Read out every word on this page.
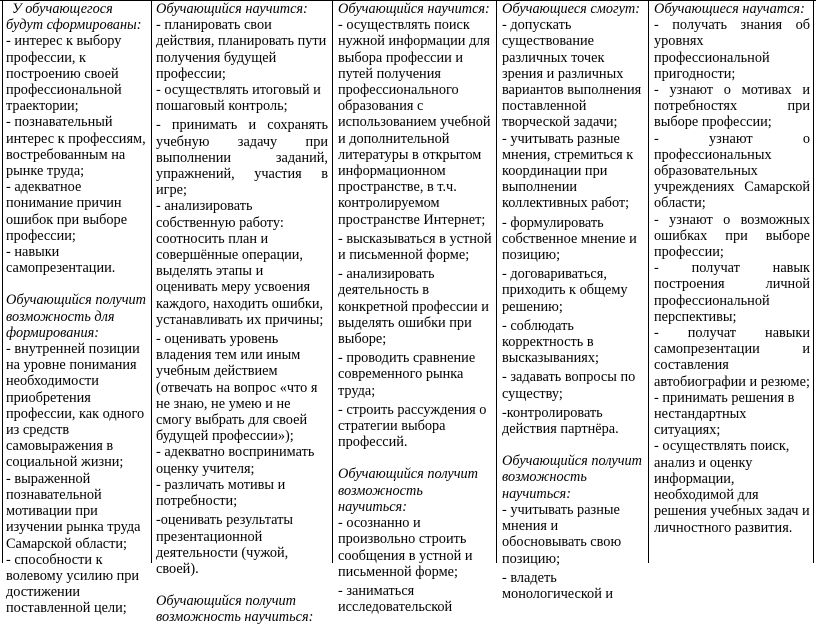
У обучающегося будут сформированы:

- интерес к выбору профессии, к построению своей профессиональной траектории;

- познавательный интерес к профессиям, востребованным на рынке труда;

- адекватное понимание причин ошибок при выборе профессии;

- навыки самопрезентации.

Обучающийся получит возможность для формирования:

- внутренней позиции на уровне понимания необходимости приобретения профессии, как одного из средств самовыражения в социальной жизни;

- выраженной познавательной мотивации при изучении рынка труда Самарской области;

- способности к волевому усилию при достижении поставленной цели;

Обучающийся научится:

- планировать свои действия, планировать пути получения будущей профессии;

- осуществлять итоговый и пошаговый контроль;

- принимать и сохранять учебную задачу при выполнении заданий, упражнений, участия в игре;

- анализировать собственную работу: соотносить план и совершённые операции, выделять этапы и оценивать меру усвоения каждого, находить ошибки, устанавливать их причины;

- оценивать уровень владения тем или иным учебным действием (отвечать на вопрос «что я не знаю, не умею и не смогу выбрать для своей будущей профессии»);

- адекватно воспринимать оценку учителя;

- различать мотивы и потребности;

-оценивать результаты презентационной деятельности (чужой, своей).

Обучающийся получит возможность научиться:

Обучающийся научится:

- осуществлять поиск нужной информации для выбора профессии и путей получения профессионального образования с использованием учебной и дополнительной литературы в открытом информационном пространстве, в т.ч. контролируемом пространстве Интернет;

- высказываться в устной и письменной форме;

- анализировать деятельность в конкретной профессии и выделять ошибки при выборе;

- проводить сравнение современного рынка труда;

- строить рассуждения о стратегии выбора профессий.

Обучающийся получит возможность научиться:

- осознанно и произвольно строить сообщения в устной и письменной форме;

- заниматься исследовательской

Обучающиеся смогут:

- допускать существование различных точек зрения и различных вариантов выполнения поставленной творческой задачи;

- учитывать разные мнения, стремиться к координации при выполнении коллективных работ;

- формулировать собственное мнение и позицию;

- договариваться, приходить к общему решению;

- соблюдать корректность в высказываниях;

- задавать вопросы по существу;

-контролировать действия партнёра.

Обучающийся получит возможность научиться:

- учитывать разные мнения и обосновывать свою позицию;

- владеть монологической и

Обучающиеся научатся:

- получать знания об уровнях профессиональной пригодности;

- узнают о мотивах и потребностях при выборе профессии;

- узнают о профессиональных образовательных учреждениях Самарской области;

- узнают о возможных ошибках при выборе профессии;

- получат навык построения личной профессиональной перспективы;

- получат навыки самопрезентации и составления автобиографии и резюме;

- принимать решения в нестандартных ситуациях;

- осуществлять поиск, анализ и оценку информации, необходимой для решения учебных задач и личностного развития.
